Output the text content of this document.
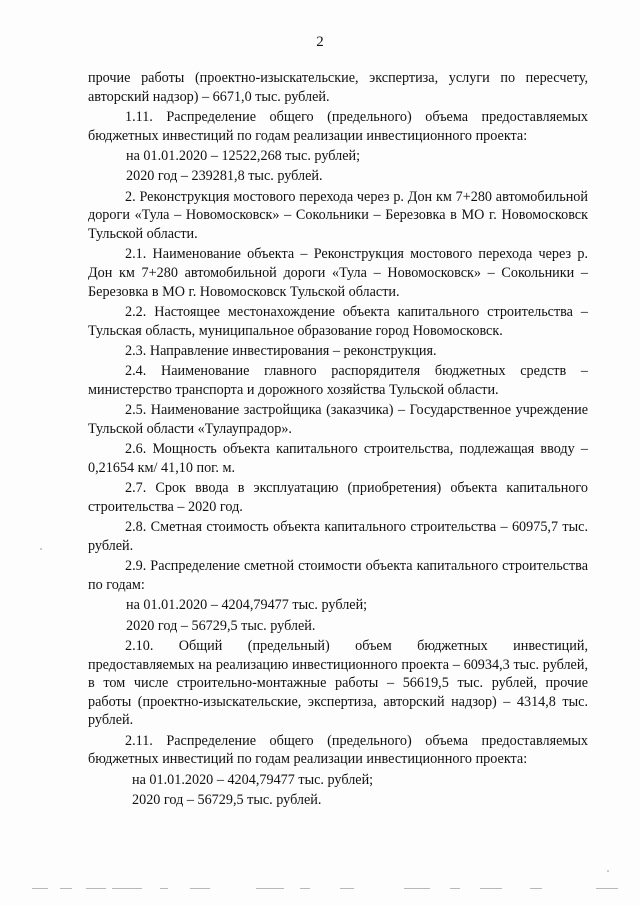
2

прочие работы (проектно-изыскательские, экспертиза, услуги по пересчету, авторский надзор) – 6671,0 тыс. рублей.

1.11. Распределение общего (предельного) объема предоставляемых бюджетных инвестиций по годам реализации инвестиционного проекта:

на 01.01.2020 – 12522,268 тыс. рублей;

2020 год – 239281,8 тыс. рублей.

2. Реконструкция мостового перехода через р. Дон км 7+280 автомобильной дороги «Тула – Новомосковск» – Сокольники – Березовка в МО г. Новомосковск Тульской области.

2.1. Наименование объекта – Реконструкция мостового перехода через р. Дон км 7+280 автомобильной дороги «Тула – Новомосковск» – Сокольники – Березовка в МО г. Новомосковск Тульской области.

2.2. Настоящее местонахождение объекта капитального строительства – Тульская область, муниципальное образование город Новомосковск.

2.3. Направление инвестирования – реконструкция.

2.4. Наименование главного распорядителя бюджетных средств – министерство транспорта и дорожного хозяйства Тульской области.

2.5. Наименование застройщика (заказчика) – Государственное учреждение Тульской области «Тулаупрадор».

2.6. Мощность объекта капитального строительства, подлежащая вводу – 0,21654 км/ 41,10 пог. м.

2.7. Срок ввода в эксплуатацию (приобретения) объекта капитального строительства – 2020 год.

2.8. Сметная стоимость объекта капитального строительства – 60975,7 тыс. рублей.

2.9. Распределение сметной стоимости объекта капитального строительства по годам:

на 01.01.2020 – 4204,79477 тыс. рублей;

2020 год – 56729,5 тыс. рублей.

2.10. Общий (предельный) объем бюджетных инвестиций, предоставляемых на реализацию инвестиционного проекта – 60934,3 тыс. рублей, в том числе строительно-монтажные работы – 56619,5 тыс. рублей, прочие работы (проектно-изыскательские, экспертиза, авторский надзор) – 4314,8 тыс. рублей.

2.11. Распределение общего (предельного) объема предоставляемых бюджетных инвестиций по годам реализации инвестиционного проекта:

на 01.01.2020 – 4204,79477 тыс. рублей;

2020 год – 56729,5 тыс. рублей.
